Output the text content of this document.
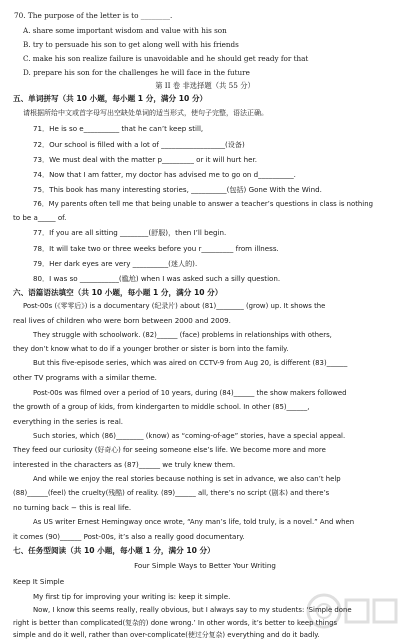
70. The purpose of the letter is to ________.
A. share some important wisdom and value with his son
B. try to persuade his son to get along well with his friends
C. make his son realize failure is unavoidable and he should get ready for that
D. prepare his son for the challenges he will face in the future
第 II 卷 非选择题（共 55 分）
五、单词拼写（共 10 小题，每小题 1 分，满分 10 分）
请根据所给中文或首字母写出空缺处单词的适当形式，使句子完整，语法正确。
71．He is so e__________ that he can’t keep still,
72．Our school is filled with a lot of __________________(设备)
73．We must deal with the matter p_________ or it will hurt her.
74．Now that I am fatter, my doctor has advised me to go on d__________.
75．This book has many interesting stories, __________(包括) Gone With the Wind.
76．My parents often tell me that being unable to answer a teacher’s questions in class is nothing
to be a_____ of.
77．If you are all sitting ________(舒服)，then I’ll begin.
78．It will take two or three weeks before you r_________ from illness.
79．Her dark eyes are very __________(迷人的).
80．I was so ___________(尴尬) when I was asked such a silly question.
六、语篇语法填空（共 10 小题，每小题 1 分，满分 10 分）
Post-00s (《零零后》) is a documentary (纪录片) about (81)________ (grow) up. It shows the
real lives of children who were born between 2000 and 2009.
They struggle with schoolwork. (82)______ (face) problems in relationships with others,
they don’t know what to do if a younger brother or sister is born into the family.
But this five-episode series, which was aired on CCTV-9 from Aug 20, is different (83)______
other TV programs with a similar theme.
Post-00s was filmed over a period of 10 years, during (84)______ the show makers followed
the growth of a group of kids, from kindergarten to middle school. In other (85)______,
everything in the series is real.
Such stories, which (86)________ (know) as “coming-of-age” stories, have a special appeal.
They feed our curiosity (好奇心) for seeing someone else’s life. We become more and more
interested in the characters as (87)______ we truly knew them.
And while we enjoy the real stories because nothing is set in advance, we also can’t help
(88)______(feel) the cruelty(残酷) of reality. (89)______ all, there’s no script (剧本) and there’s
no turning back − this is real life.
As US writer Ernest Hemingway once wrote, “Any man’s life, told truly, is a novel.” And when
it comes (90)______ Post-00s, it’s also a really good documentary.
七、任务型阅读（共 10 小题，每小题 1 分，满分 10 分）
Four Simple Ways to Better Your Writing
Keep It Simple
My first tip for improving your writing is: keep it simple.
Now, I know this seems really, really obvious, but I always say to my students: ‘Simple done
right is better than complicated(复杂的) done wrong.’ In other words, it’s better to keep things
simple and do it well, rather than over-complicate(使过分复杂) everything and do it badly.
